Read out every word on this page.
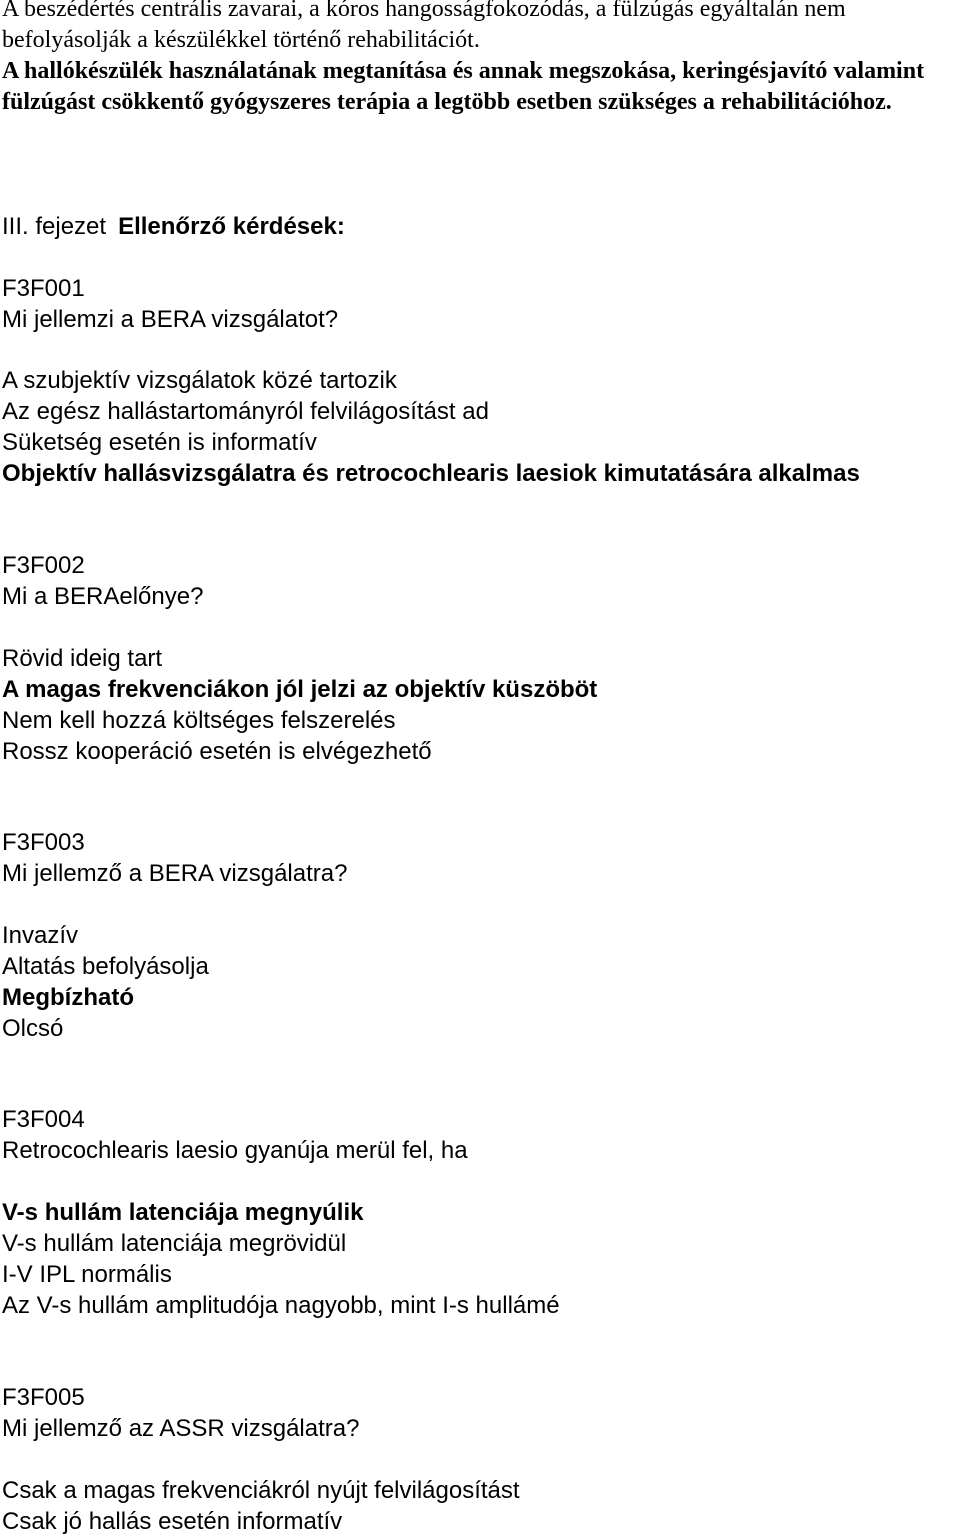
A beszédértés centrális zavarai, a kóros hangosságfokozódás, a fülzúgás egyáltalán nem befolyásolják a készülékkel történő rehabilitációt.

A hallókészülék használatának megtanítása és annak megszokása, keringésjavító valamint fülzúgást csökkentő gyógyszeres terápia a legtöbb esetben szükséges a rehabilitációhoz.

III. fejezet Ellenőrző kérdések:
F3F001
Mi jellemzi a BERA vizsgálatot?
A szubjektív vizsgálatok közé tartozik
Az egész hallástartományról felvilágosítást ad
Süketség esetén is informatív
Objektív hallásvizsgálatra és retrocochlearis laesiok kimutatására alkalmas
F3F002
Mi a BERAelőnye?
Rövid ideig tart
A magas frekvenciákon jól jelzi az objektív küszöböt
Nem kell hozzá költséges felszerelés
Rossz kooperáció esetén is elvégezhető
F3F003
Mi jellemző a BERA vizsgálatra?
Invazív
Altatás befolyásolja
Megbízható
Olcsó
F3F004
Retrocochlearis laesio gyanúja merül fel, ha
V-s hullám latenciája megnyúlik
V-s hullám latenciája megrövidül
I-V IPL normális
Az V-s hullám amplitudója nagyobb, mint I-s hullámé
F3F005
Mi jellemző az ASSR vizsgálatra?
Csak a magas frekvenciákról nyújt felvilágosítást
Csak jó hallás esetén informatív
